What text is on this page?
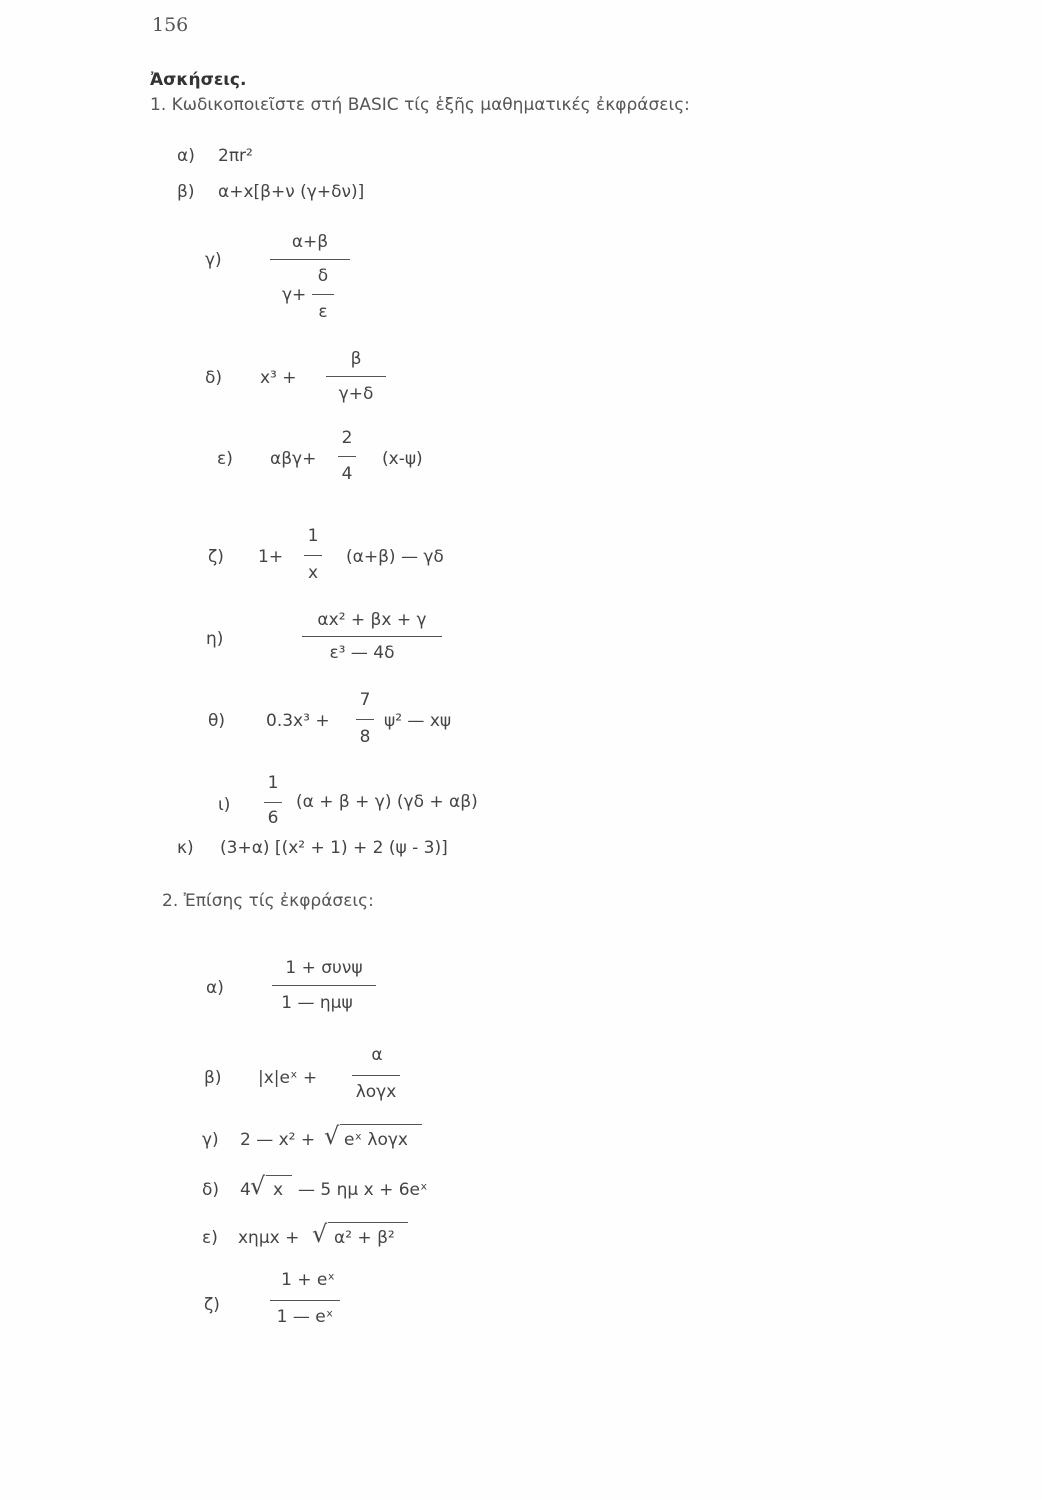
156
Ἀσκήσεις.
1. Κωδικοποιεῖστε στή BASIC τίς ἑξῆς μαθηματικές ἐκφράσεις:
α) 2πr²
β) α+x[β+ν (γ+δν)]
γ)
α+β
γ+
δ
ε
δ) x³ +
β
γ+δ
ε) αβγ+
2
4
(x-ψ)
ζ) 1+
1
x
(α+β) — γδ
η)
αx² + βx + γ
ε³ — 4δ
θ) 0.3x³ +
7
8
ψ² — xψ
ι)
1
6
(α + β + γ) (γδ + αβ)
κ) (3+α) [(x² + 1) + 2 (ψ - 3)]
2. Ἐπίσης τίς ἐκφράσεις:
α)
1 + συνψ
1 — ημψ
β) |x|eˣ +
α
λογx
γ) 2 — x² + √ eˣ λογx
δ) 4 √ x — 5 ημ x + 6eˣ
ε) xημx + √ α² + β²
ζ)
1 + eˣ
1 — eˣ
